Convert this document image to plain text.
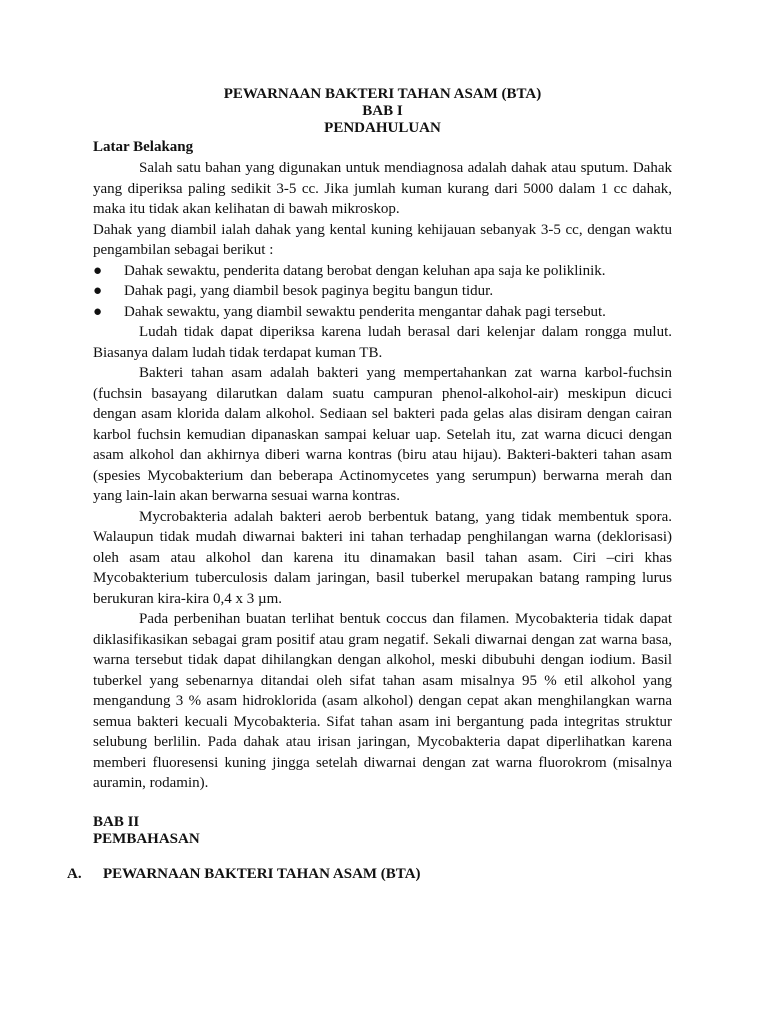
PEWARNAAN BAKTERI TAHAN ASAM (BTA)
BAB I
PENDAHULUAN
Latar Belakang
Salah satu bahan yang digunakan untuk mendiagnosa adalah dahak atau sputum. Dahak yang diperiksa paling sedikit 3-5 cc. Jika jumlah kuman kurang dari 5000 dalam 1 cc dahak, maka itu tidak akan kelihatan di bawah mikroskop.
Dahak yang diambil ialah dahak yang kental kuning kehijauan sebanyak 3-5 cc, dengan waktu pengambilan sebagai berikut :
● Dahak sewaktu, penderita datang berobat dengan keluhan apa saja ke poliklinik.
● Dahak pagi, yang diambil besok paginya begitu bangun tidur.
● Dahak sewaktu, yang diambil sewaktu penderita mengantar dahak pagi tersebut.
Ludah tidak dapat diperiksa karena ludah berasal dari kelenjar dalam rongga mulut. Biasanya dalam ludah tidak terdapat kuman TB.
Bakteri tahan asam adalah bakteri yang mempertahankan zat warna karbol-fuchsin (fuchsin basayang dilarutkan dalam suatu campuran phenol-alkohol-air) meskipun dicuci dengan asam klorida dalam alkohol. Sediaan sel bakteri pada gelas alas disiram dengan cairan karbol fuchsin kemudian dipanaskan sampai keluar uap. Setelah itu, zat warna dicuci dengan asam alkohol dan akhirnya diberi warna kontras (biru atau hijau). Bakteri-bakteri tahan asam (spesies Mycobakterium dan beberapa Actinomycetes yang serumpun) berwarna merah dan yang lain-lain akan berwarna sesuai warna kontras.
Mycrobakteria adalah bakteri aerob berbentuk batang, yang tidak membentuk spora. Walaupun tidak mudah diwarnai bakteri ini tahan terhadap penghilangan warna (deklorisasi) oleh asam atau alkohol dan karena itu dinamakan basil tahan asam. Ciri –ciri khas Mycobakterium tuberculosis dalam jaringan, basil tuberkel merupakan batang ramping lurus berukuran kira-kira 0,4 x 3 µm.
Pada perbenihan buatan terlihat bentuk coccus dan filamen. Mycobakteria tidak dapat diklasifikasikan sebagai gram positif atau gram negatif. Sekali diwarnai dengan zat warna basa, warna tersebut tidak dapat dihilangkan dengan alkohol, meski dibubuhi dengan iodium. Basil tuberkel yang sebenarnya ditandai oleh sifat tahan asam misalnya 95 % etil alkohol yang mengandung 3 % asam hidroklorida (asam alkohol) dengan cepat akan menghilangkan warna semua bakteri kecuali Mycobakteria. Sifat tahan asam ini bergantung pada integritas struktur selubung berlilin. Pada dahak atau irisan jaringan, Mycobakteria dapat diperlihatkan karena memberi fluoresensi kuning jingga setelah diwarnai dengan zat warna fluorokrom (misalnya auramin, rodamin).
BAB II
PEMBAHASAN
A. PEWARNAAN BAKTERI TAHAN ASAM (BTA)
